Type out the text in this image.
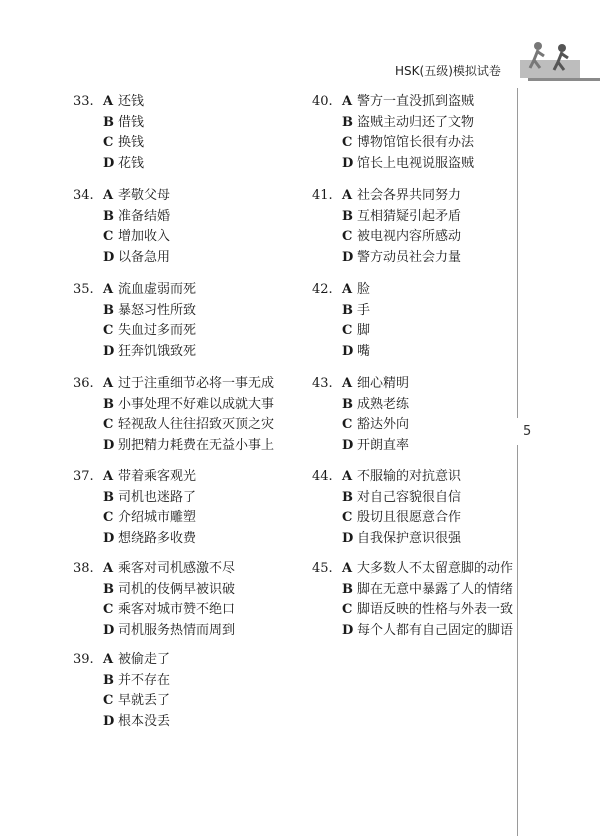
HSK(五级)模拟试卷
5
33. A 还钱
B 借钱
C 换钱
D 花钱
34. A 孝敬父母
B 准备结婚
C 增加收入
D 以备急用
35. A 流血虚弱而死
B 暴怒习性所致
C 失血过多而死
D 狂奔饥饿致死
36. A 过于注重细节必将一事无成
B 小事处理不好难以成就大事
C 轻视敌人往往招致灭顶之灾
D 别把精力耗费在无益小事上
37. A 带着乘客观光
B 司机也迷路了
C 介绍城市雕塑
D 想绕路多收费
38. A 乘客对司机感激不尽
B 司机的伎俩早被识破
C 乘客对城市赞不绝口
D 司机服务热情而周到
39. A 被偷走了
B 并不存在
C 早就丢了
D 根本没丢
40. A 警方一直没抓到盗贼
B 盗贼主动归还了文物
C 博物馆馆长很有办法
D 馆长上电视说服盗贼
41. A 社会各界共同努力
B 互相猜疑引起矛盾
C 被电视内容所感动
D 警方动员社会力量
42. A 脸
B 手
C 脚
D 嘴
43. A 细心精明
B 成熟老练
C 豁达外向
D 开朗直率
44. A 不服输的对抗意识
B 对自己容貌很自信
C 殷切且很愿意合作
D 自我保护意识很强
45. A 大多数人不太留意脚的动作
B 脚在无意中暴露了人的情绪
C 脚语反映的性格与外表一致
D 每个人都有自己固定的脚语
